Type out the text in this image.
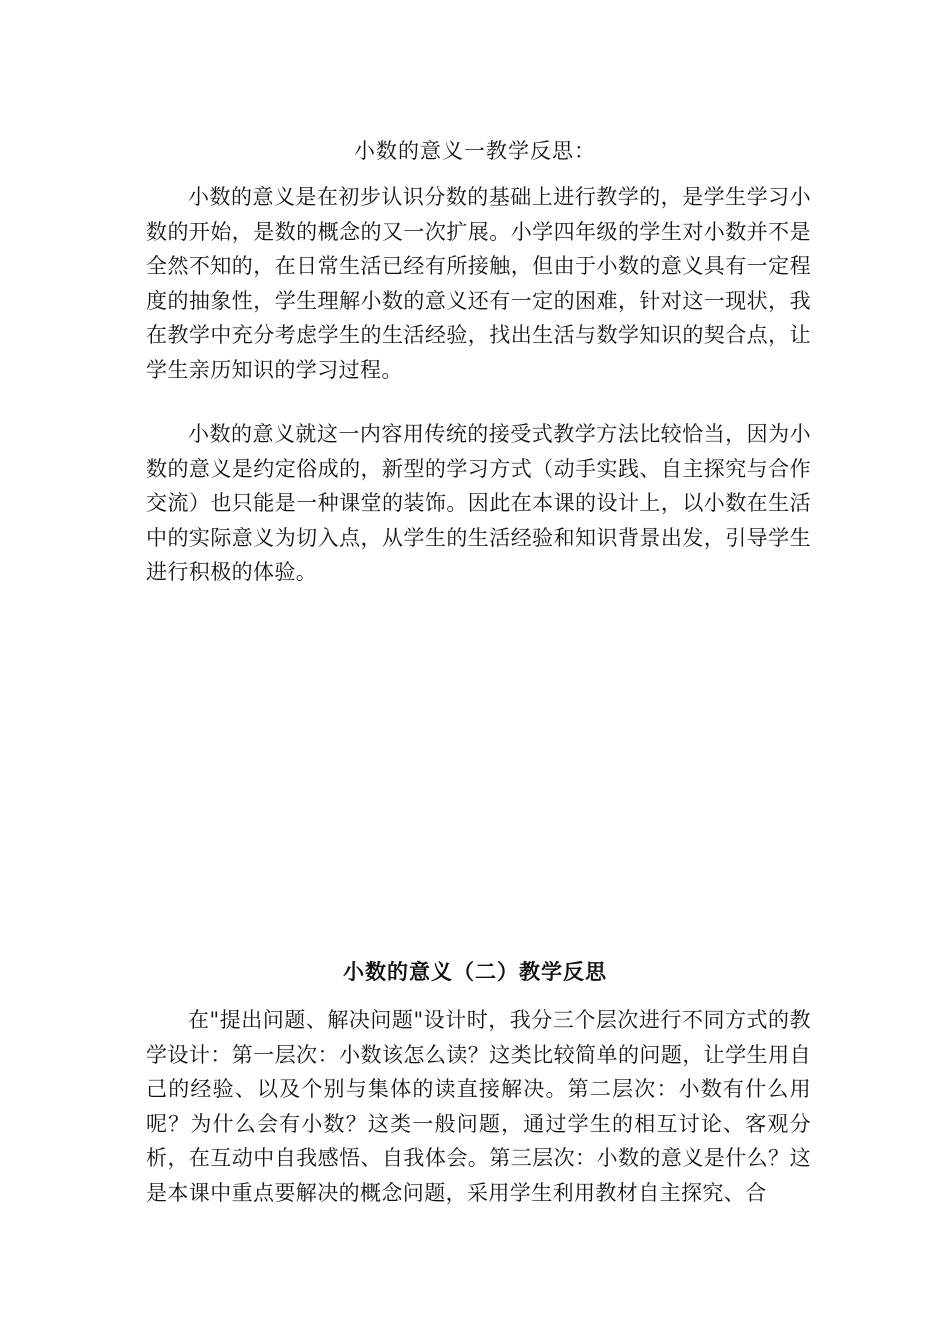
小数的意义一教学反思：

小数的意义是在初步认识分数的基础上进行教学的，是学生学习小数的开始，是数的概念的又一次扩展。小学四年级的学生对小数并不是全然不知的，在日常生活已经有所接触，但由于小数的意义具有一定程度的抽象性，学生理解小数的意义还有一定的困难，针对这一现状，我在教学中充分考虑学生的生活经验，找出生活与数学知识的契合点，让学生亲历知识的学习过程。

小数的意义就这一内容用传统的接受式教学方法比较恰当，因为小数的意义是约定俗成的，新型的学习方式（动手实践、自主探究与合作交流）也只能是一种课堂的装饰。因此在本课的设计上，以小数在生活中的实际意义为切入点，从学生的生活经验和知识背景出发，引导学生进行积极的体验。

小数的意义（二）教学反思

在"提出问题、解决问题"设计时，我分三个层次进行不同方式的教学设计：第一层次：小数该怎么读？这类比较简单的问题，让学生用自己的经验、以及个别与集体的读直接解决。第二层次：小数有什么用呢？为什么会有小数？这类一般问题，通过学生的相互讨论、客观分析，在互动中自我感悟、自我体会。第三层次：小数的意义是什么？这是本课中重点要解决的概念问题，采用学生利用教材自主探究、合
